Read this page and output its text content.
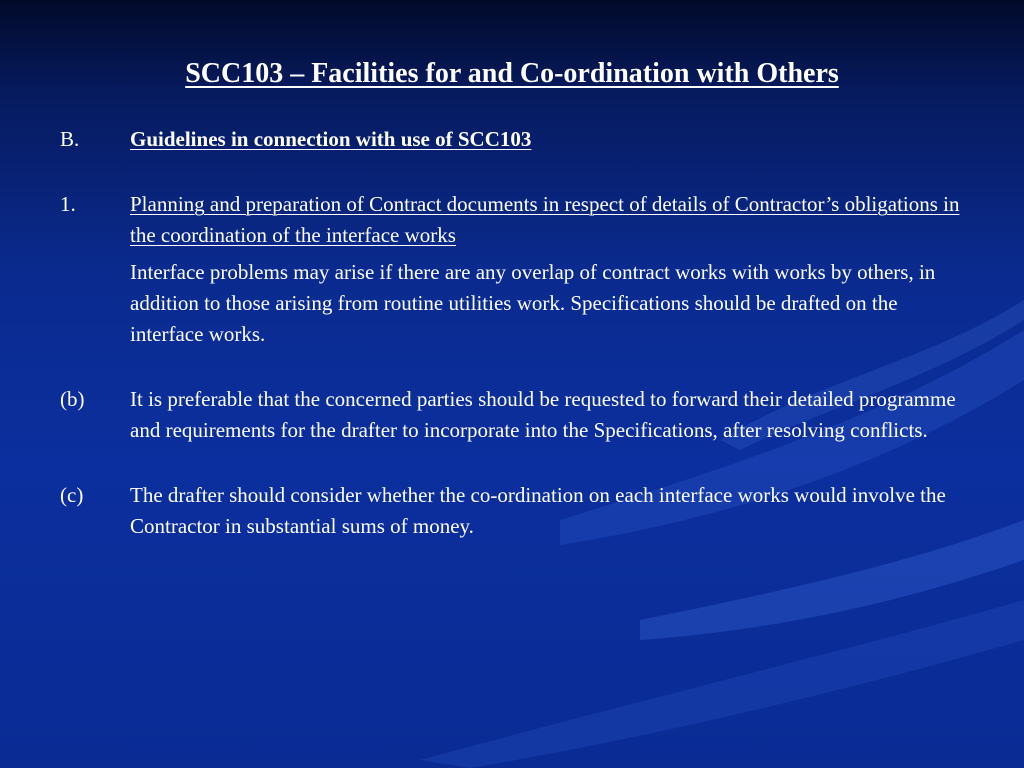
SCC103 – Facilities for and Co-ordination with Others
B.	Guidelines in connection with use of SCC103
1.	Planning and preparation of Contract documents in respect of details of Contractor’s obligations in the coordination of the interface works
Interface problems may arise if there are any overlap of contract works with works by others, in addition to those arising from routine utilities work. Specifications should be drafted on the interface works.
(b)	It is preferable that the concerned parties should be requested to forward their detailed programme and requirements for the drafter to incorporate into the Specifications, after resolving conflicts.
(c)	The drafter should consider whether the co-ordination on each interface works would involve the Contractor in substantial sums of money.
